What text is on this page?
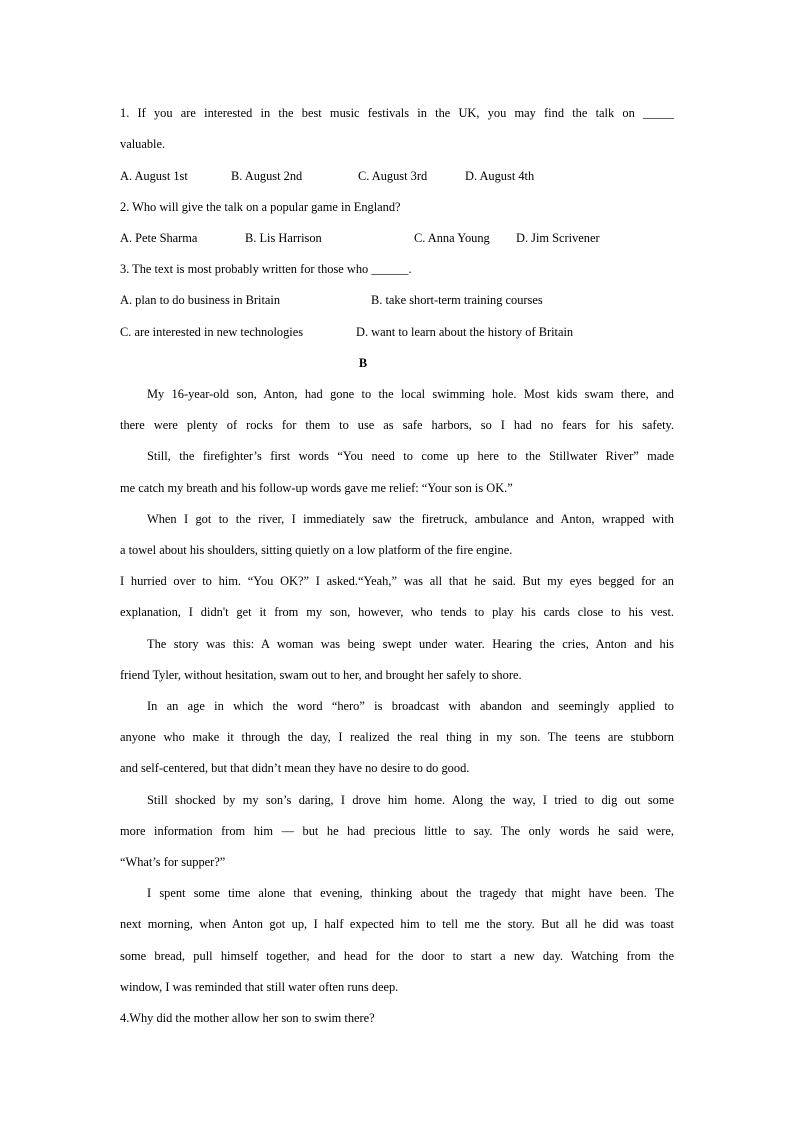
1. If you are interested in the best music festivals in the UK, you may find the talk on _____
valuable.
A. August 1st	B. August 2nd	C. August 3rd	D. August 4th
2. Who will give the talk on a popular game in England?
A. Pete Sharma	B. Lis Harrison	C. Anna Young D. Jim Scrivener
3. The text is most probably written for those who ______.
A. plan to do business in Britain	B. take short-term training courses
C. are interested in new technologies	D. want to learn about the history of Britain
B
My 16-year-old son, Anton, had gone to the local swimming hole. Most kids swam there, and
there were plenty of rocks for them to use as safe harbors, so I had no fears for his safety.
Still, the firefighter’s first words “You need to come up here to the Stillwater River” made
me catch my breath and his follow-up words gave me relief: “Your son is OK.”
When I got to the river, I immediately saw the firetruck, ambulance and Anton, wrapped with
a towel about his shoulders, sitting quietly on a low platform of the fire engine.
I hurried over to him. “You OK?” I asked.“Yeah,” was all that he said. But my eyes begged for an
explanation, I didn't get it from my son, however, who tends to play his cards close to his vest.
The story was this: A woman was being swept under water. Hearing the cries, Anton and his
friend Tyler, without hesitation, swam out to her, and brought her safely to shore.
In an age in which the word “hero” is broadcast with abandon and seemingly applied to
anyone who make it through the day, I realized the real thing in my son. The teens are stubborn
and self-centered, but that didn’t mean they have no desire to do good.
Still shocked by my son’s daring, I drove him home. Along the way, I tried to dig out some
more information from him — but he had precious little to say. The only words he said were,
“What’s for supper?”
I spent some time alone that evening, thinking about the tragedy that might have been. The
next morning, when Anton got up, I half expected him to tell me the story. But all he did was toast
some bread, pull himself together, and head for the door to start a new day. Watching from the
window, I was reminded that still water often runs deep.
4.Why did the mother allow her son to swim there?
